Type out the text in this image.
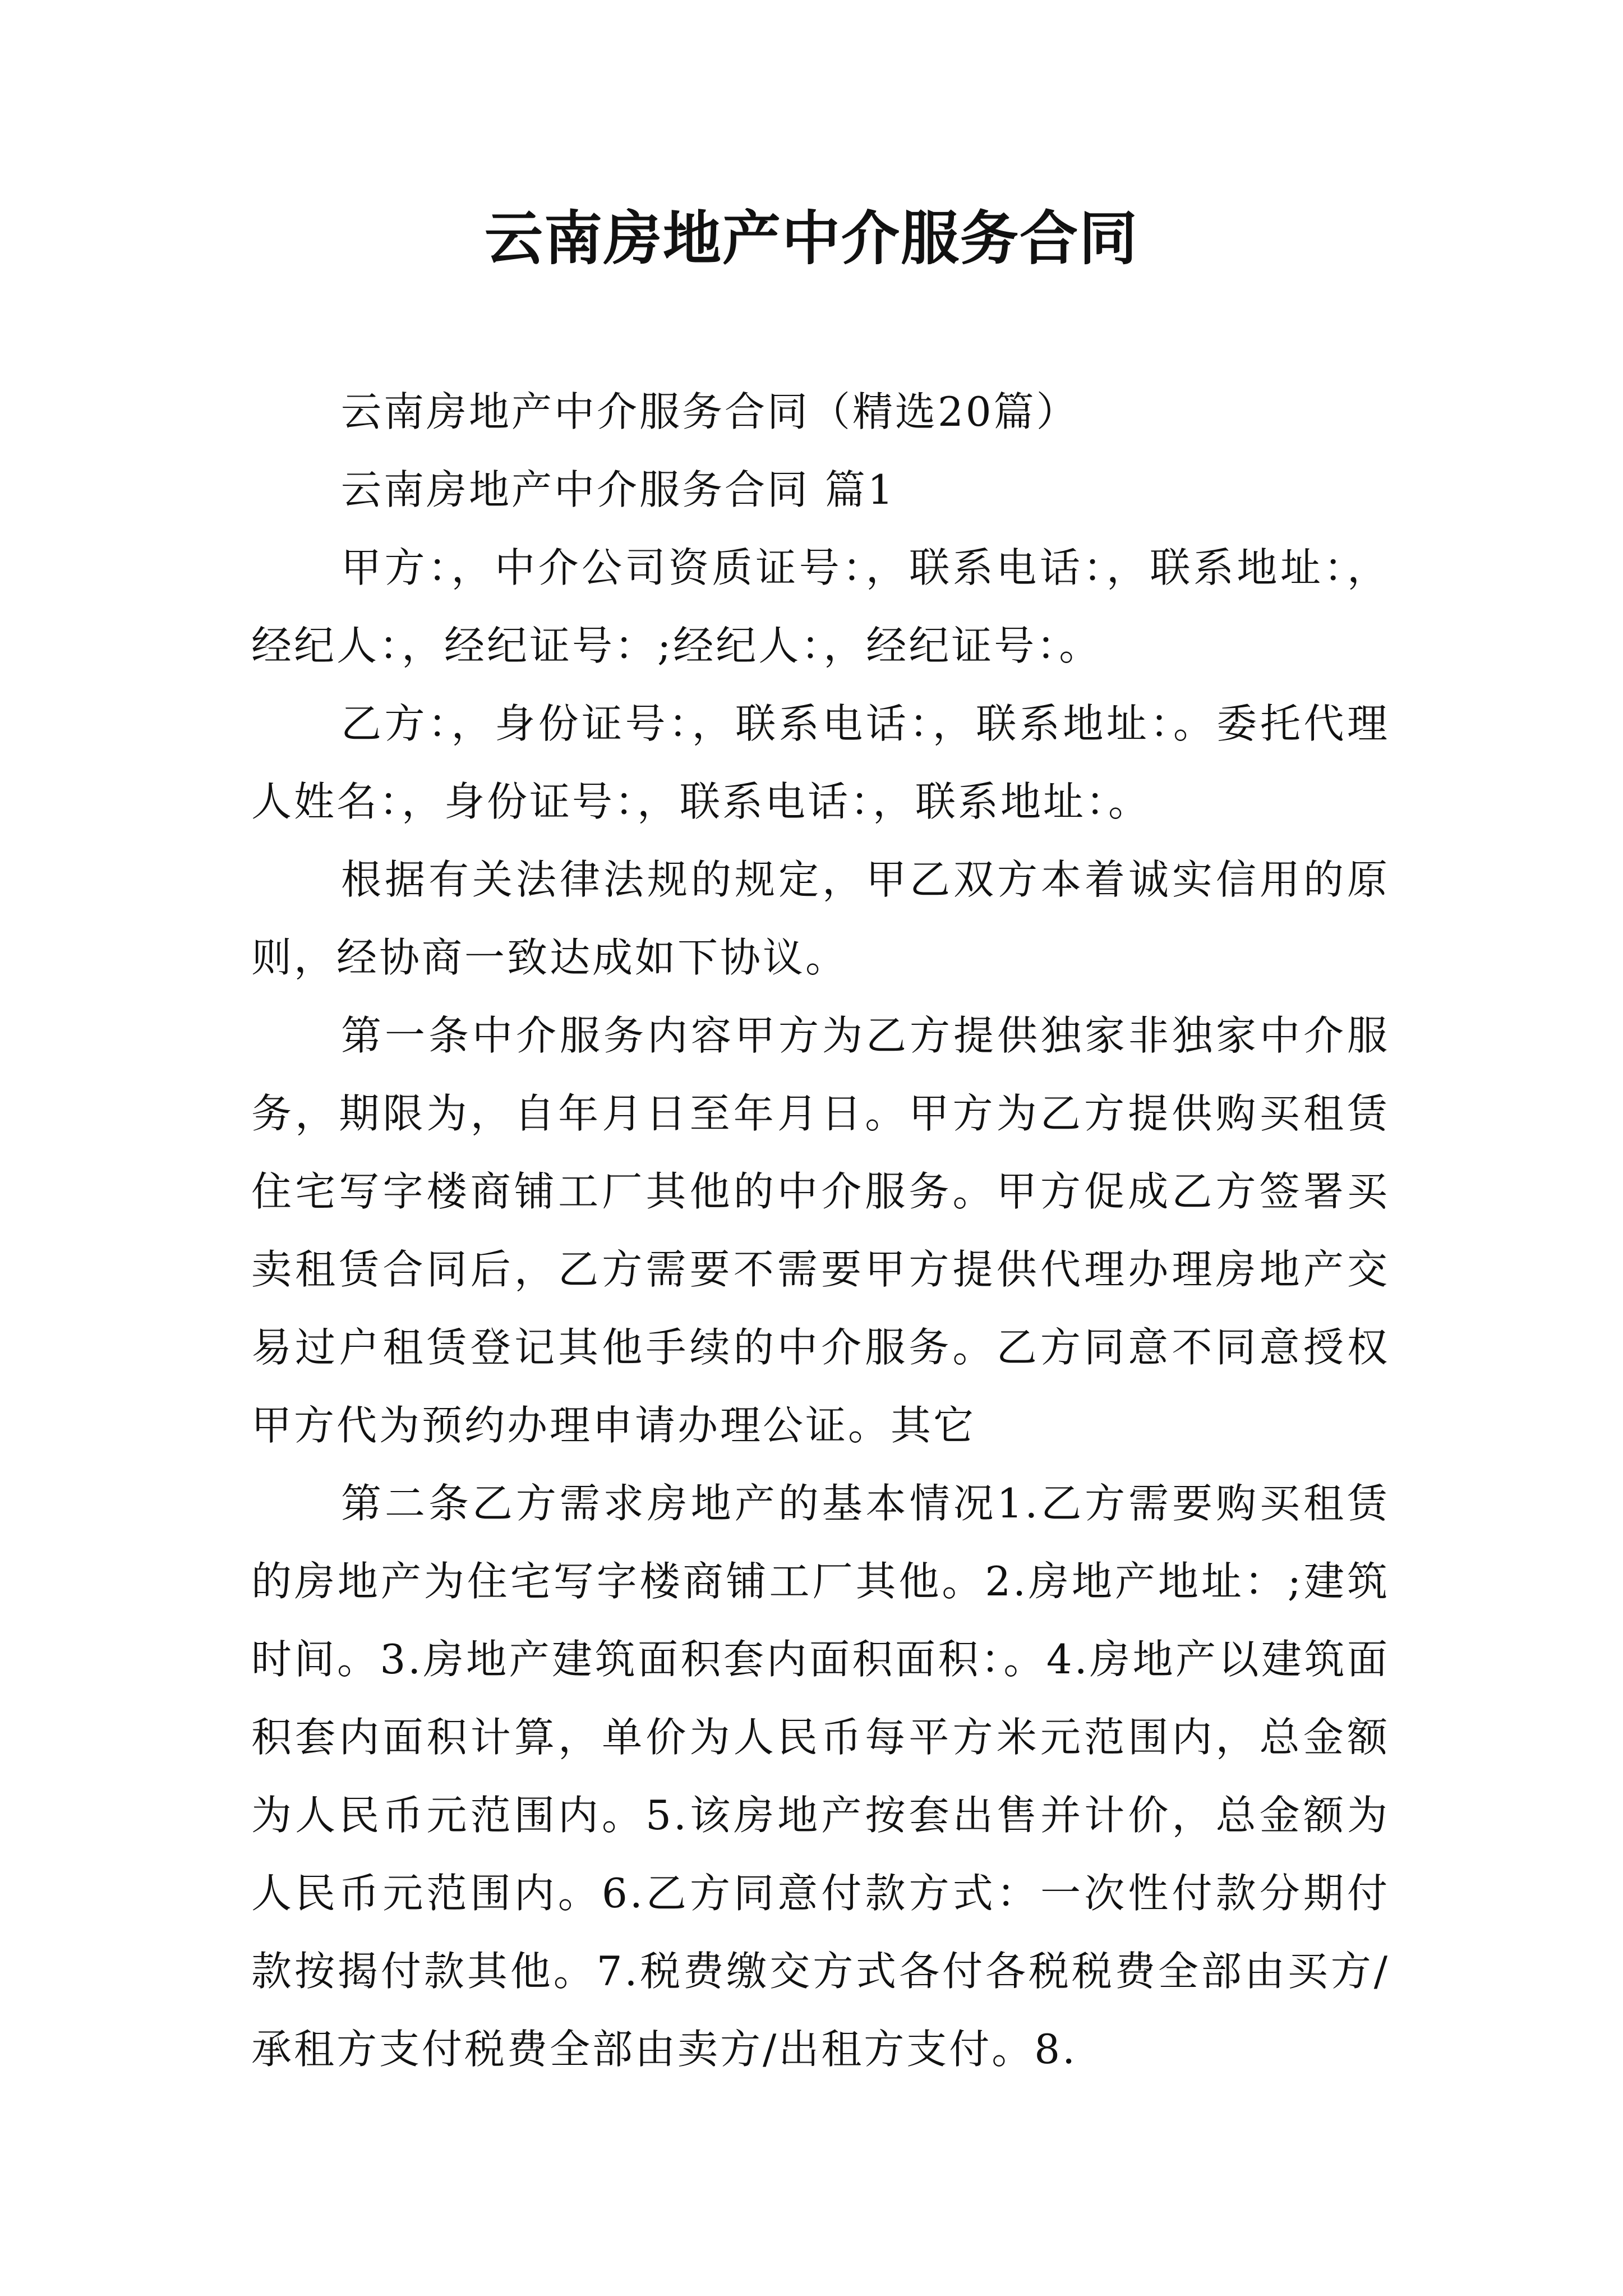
云南房地产中介服务合同

云南房地产中介服务合同（精选20篇）

云南房地产中介服务合同 篇1

甲方：，中介公司资质证号：，联系电话：，联系地址：，经纪人：，经纪证号：;经纪人：，经纪证号：。

乙方：，身份证号：，联系电话：，联系地址：。委托代理人姓名：，身份证号：，联系电话：，联系地址：。

根据有关法律法规的规定，甲乙双方本着诚实信用的原则，经协商一致达成如下协议。

第一条中介服务内容甲方为乙方提供独家非独家中介服务，期限为，自年月日至年月日。甲方为乙方提供购买租赁住宅写字楼商铺工厂其他的中介服务。甲方促成乙方签署买卖租赁合同后，乙方需要不需要甲方提供代理办理房地产交易过户租赁登记其他手续的中介服务。乙方同意不同意授权甲方代为预约办理申请办理公证。其它

第二条乙方需求房地产的基本情况1.乙方需要购买租赁的房地产为住宅写字楼商铺工厂其他。2.房地产地址：;建筑时间。3.房地产建筑面积套内面积面积：。4.房地产以建筑面积套内面积计算，单价为人民币每平方米元范围内，总金额为人民币元范围内。5.该房地产按套出售并计价，总金额为人民币元范围内。6.乙方同意付款方式：一次性付款分期付款按揭付款其他。7.税费缴交方式各付各税税费全部由买方/承租方支付税费全部由卖方/出租方支付。8.
